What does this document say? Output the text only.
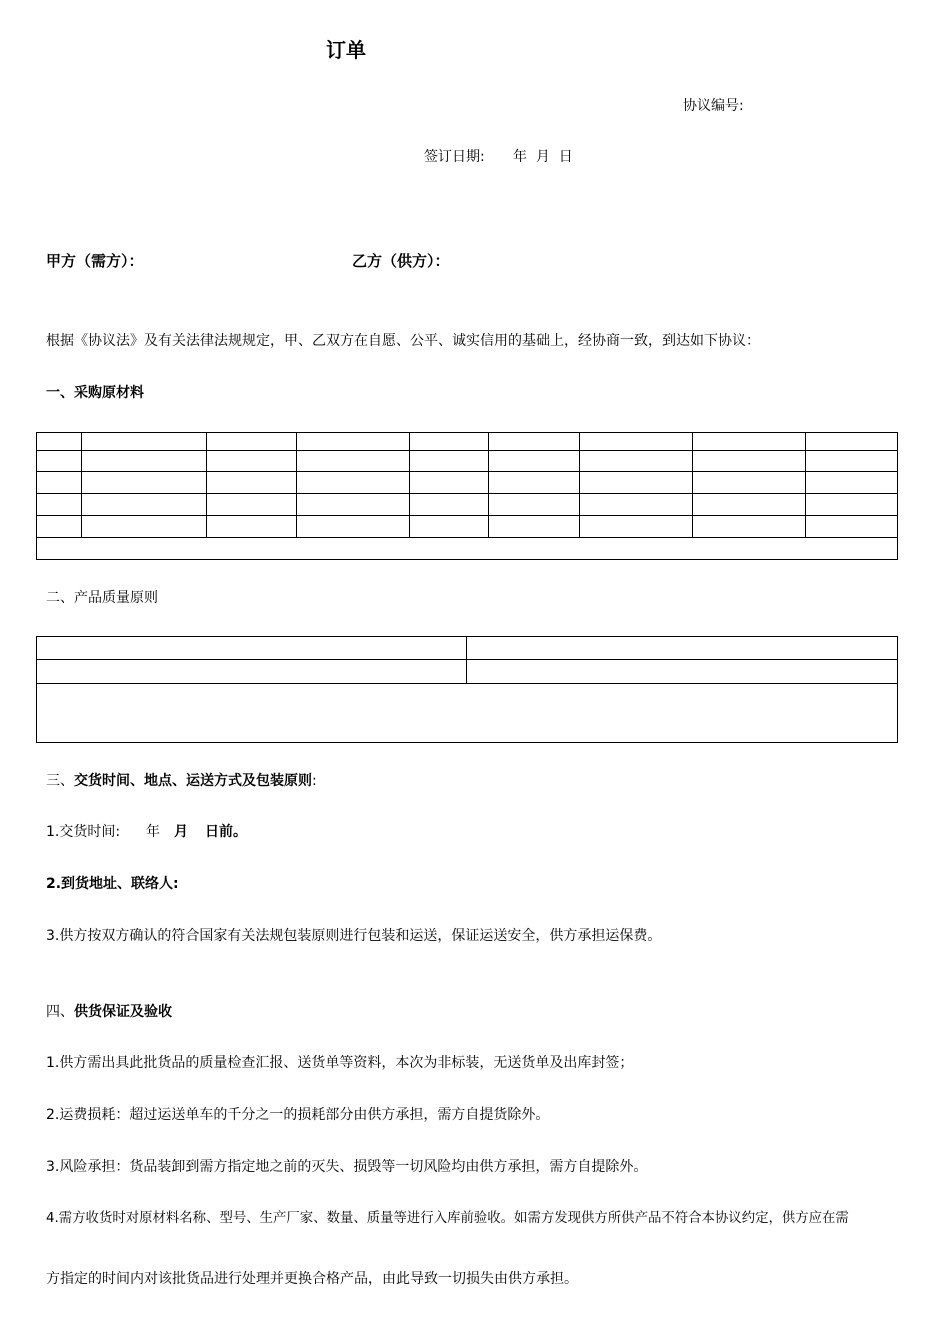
订单
协议编号:
签订日期: 年  月  日
甲方（需方）：	乙方（供方）：
根据《协议法》及有关法律法规规定，甲、乙双方在自愿、公平、诚实信用的基础上，经协商一致，到达如下协议：
一、采购原材料

二、产品质量原则

三、交货时间、地点、运送方式及包装原则:
1.交货时间: 年 月 日前。
2.到货地址、联络人:
3.供方按双方确认的符合国家有关法规包装原则进行包装和运送，保证运送安全，供方承担运保费。
四、供货保证及验收
1.供方需出具此批货品的质量检查汇报、送货单等资料，本次为非标装，无送货单及出库封签；
2.运费损耗：超过运送单车的千分之一的损耗部分由供方承担，需方自提货除外。
3.风险承担：货品装卸到需方指定地之前的灭失、损毁等一切风险均由供方承担，需方自提除外。
4.需方收货时对原材料名称、型号、生产厂家、数量、质量等进行入库前验收。如需方发现供方所供产品不符合本协议约定，供方应在需
方指定的时间内对该批货品进行处理并更换合格产品，由此导致一切损失由供方承担。
